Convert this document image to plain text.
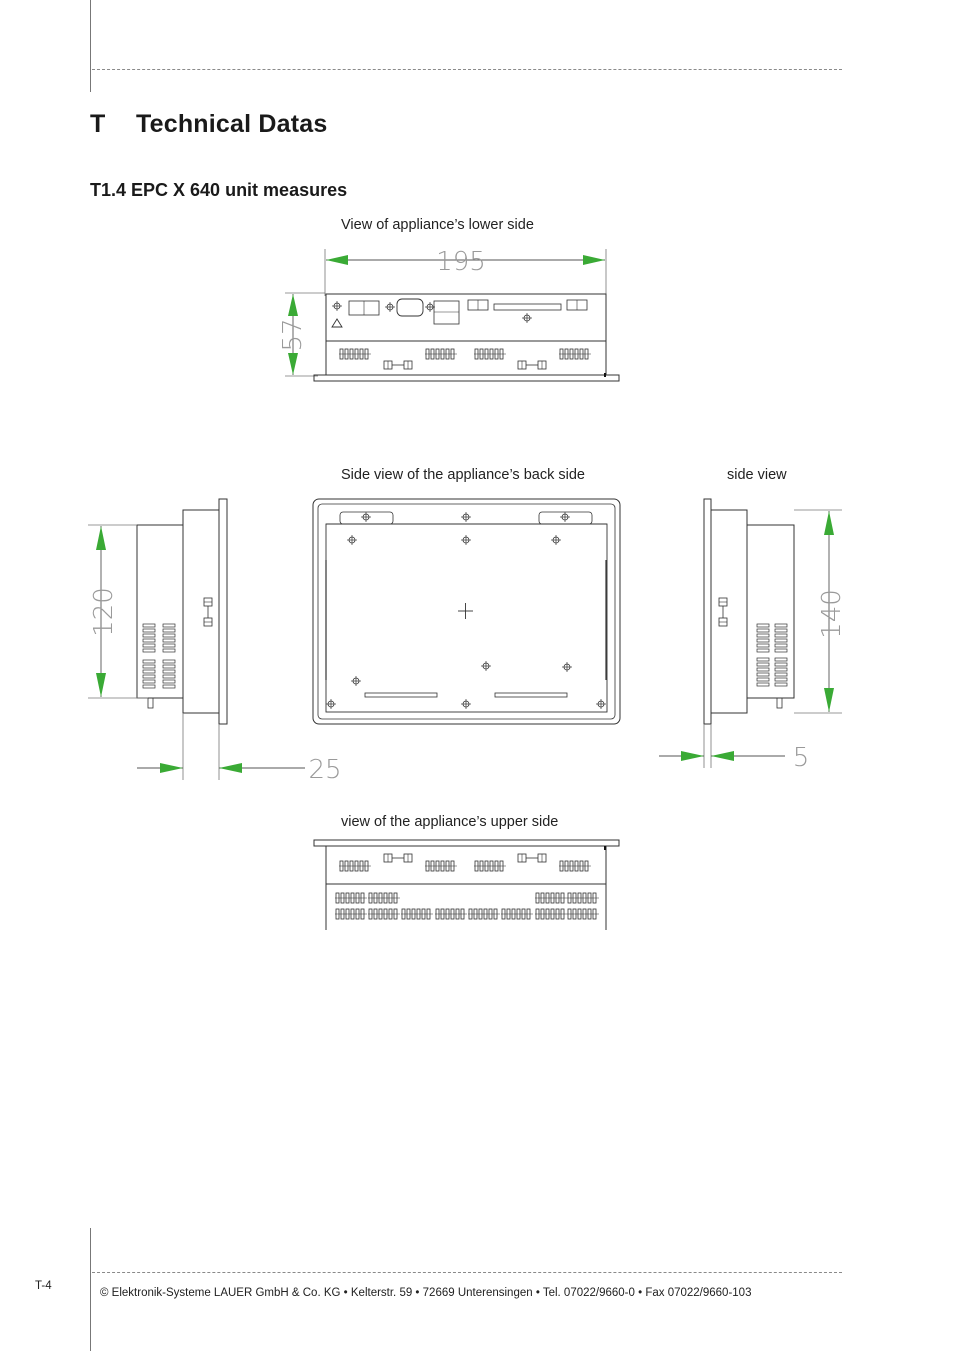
T Technical Datas
T1.4 EPC X 640 unit measures
View of appliance’s lower side
Side view of the appliance’s back side	side view
view of the appliance’s upper side
195
57
120
25
140
5
T-4
© Elektronik-Systeme LAUER GmbH & Co. KG • Kelterstr. 59 • 72669 Unterensingen • Tel. 07022/9660-0 • Fax 07022/9660-103
